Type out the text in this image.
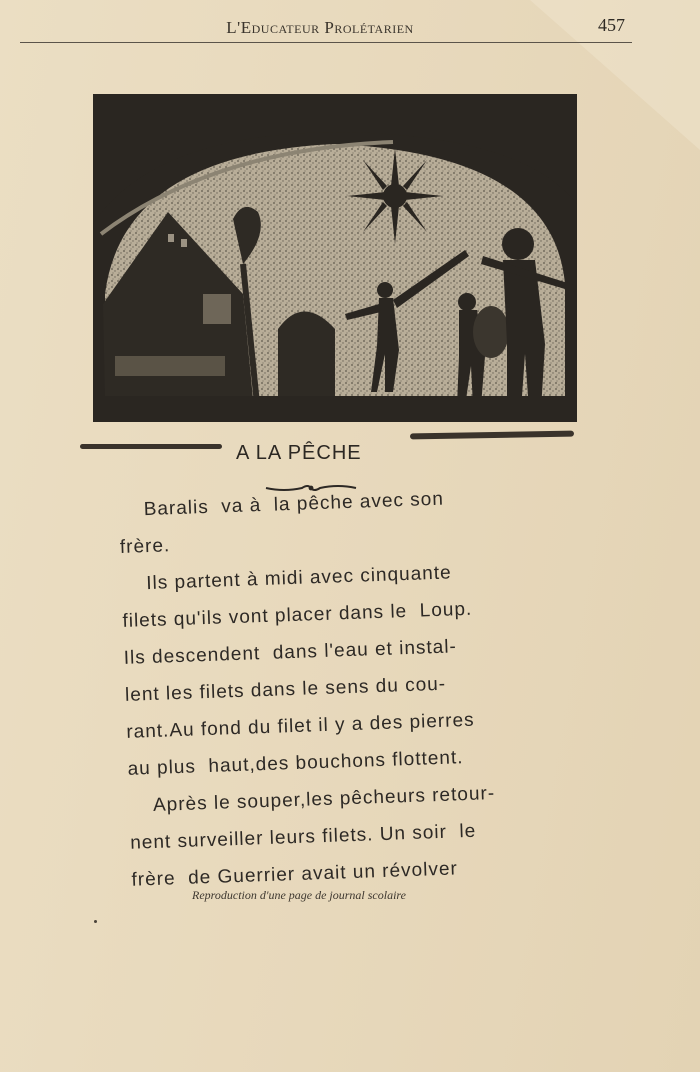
L'Educateur Prolétarien	457
A LA PÊCHE
Baralis  va à  la pêche avec son
frère.
Ils partent à midi avec cinquante
filets qu'ils vont placer dans le  Loup.
Ils descendent  dans l'eau et instal-
lent les filets dans le sens du cou-
rant.Au fond du filet il y a des pierres
au plus  haut,des bouchons flottent.
Après le souper,les pêcheurs retour-
nent surveiller leurs filets. Un soir  le
frère  de Guerrier avait un révolver
Reproduction d'une page de journal scolaire
